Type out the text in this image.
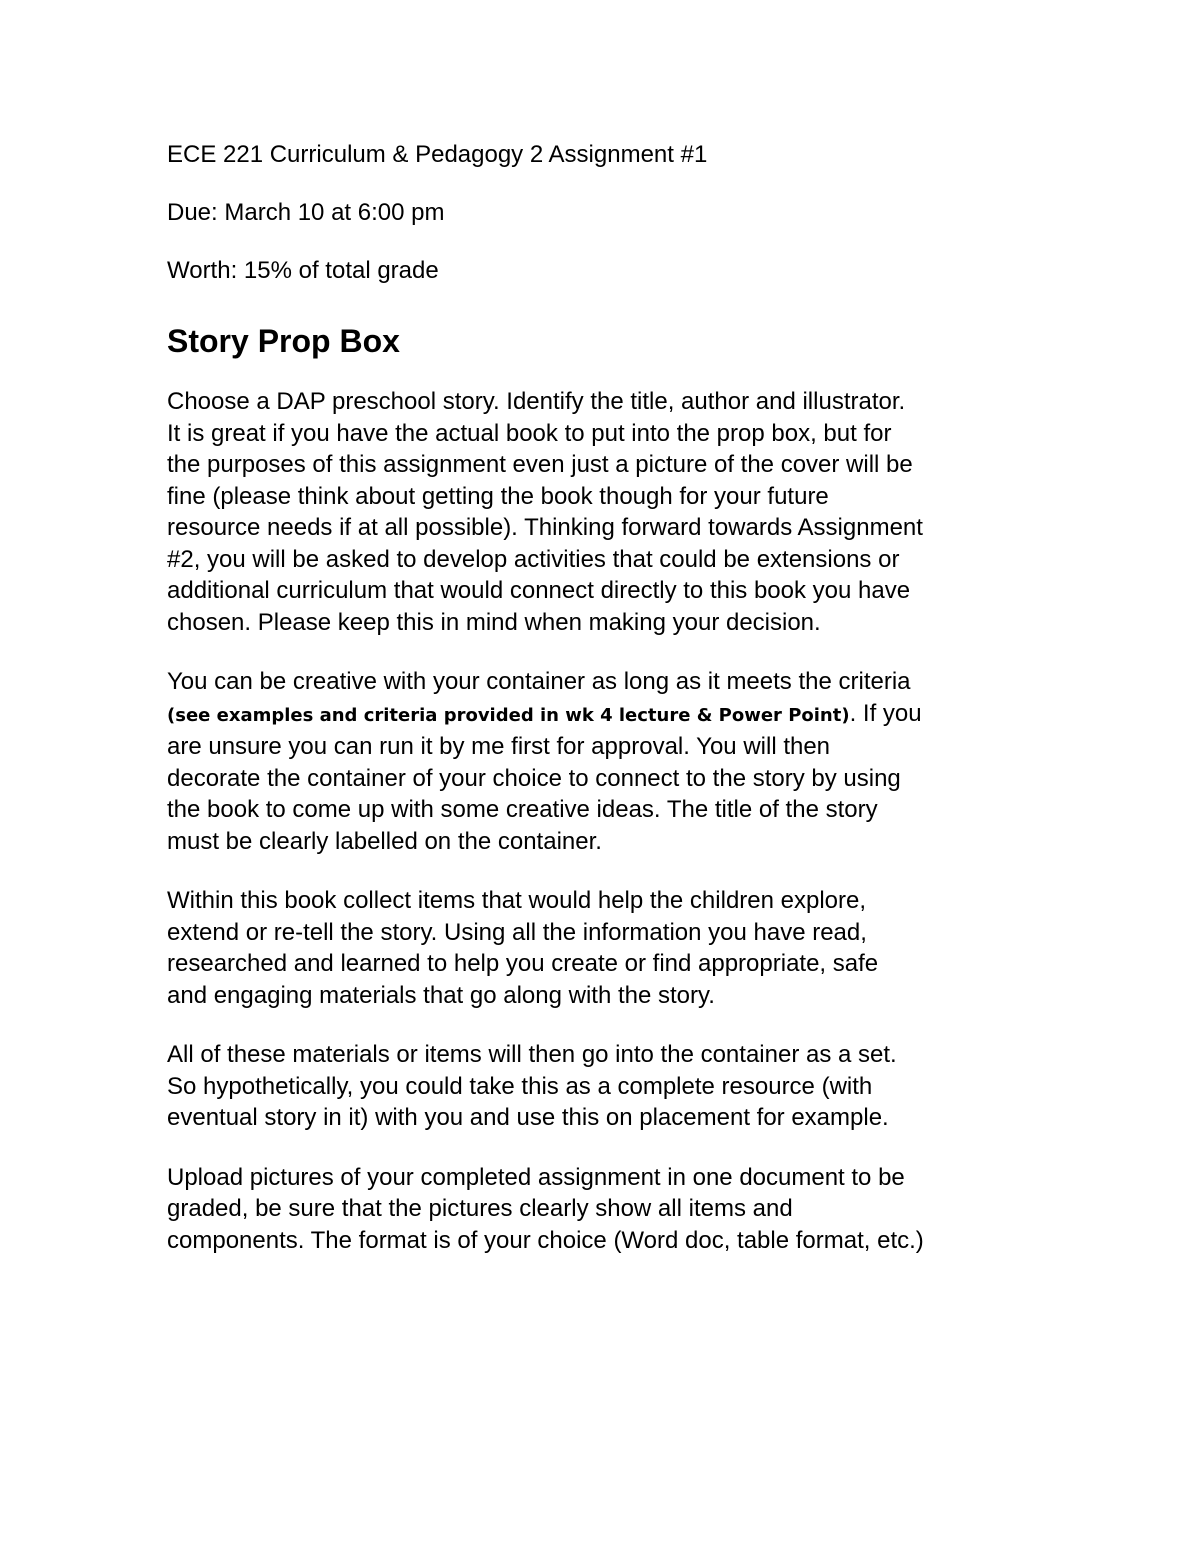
ECE 221 Curriculum & Pedagogy 2 Assignment #1
Due: March 10 at 6:00 pm
Worth: 15% of total grade
Story Prop Box

Choose a DAP preschool story. Identify the title, author and illustrator.

It is great if you have the actual book to put into the prop box, but for

the purposes of this assignment even just a picture of the cover will be

fine (please think about getting the book though for your future

resource needs if at all possible). Thinking forward towards Assignment

#2, you will be asked to develop activities that could be extensions or

additional curriculum that would connect directly to this book you have

chosen. Please keep this in mind when making your decision.

You can be creative with your container as long as it meets the criteria

(see examples and criteria provided in wk 4 lecture & Power Point). If you

are unsure you can run it by me first for approval. You will then

decorate the container of your choice to connect to the story by using

the book to come up with some creative ideas. The title of the story

must be clearly labelled on the container.

Within this book collect items that would help the children explore,

extend or re-tell the story. Using all the information you have read,

researched and learned to help you create or find appropriate, safe

and engaging materials that go along with the story.

All of these materials or items will then go into the container as a set.

So hypothetically, you could take this as a complete resource (with

eventual story in it) with you and use this on placement for example.

Upload pictures of your completed assignment in one document to be

graded, be sure that the pictures clearly show all items and

components. The format is of your choice (Word doc, table format, etc.)
